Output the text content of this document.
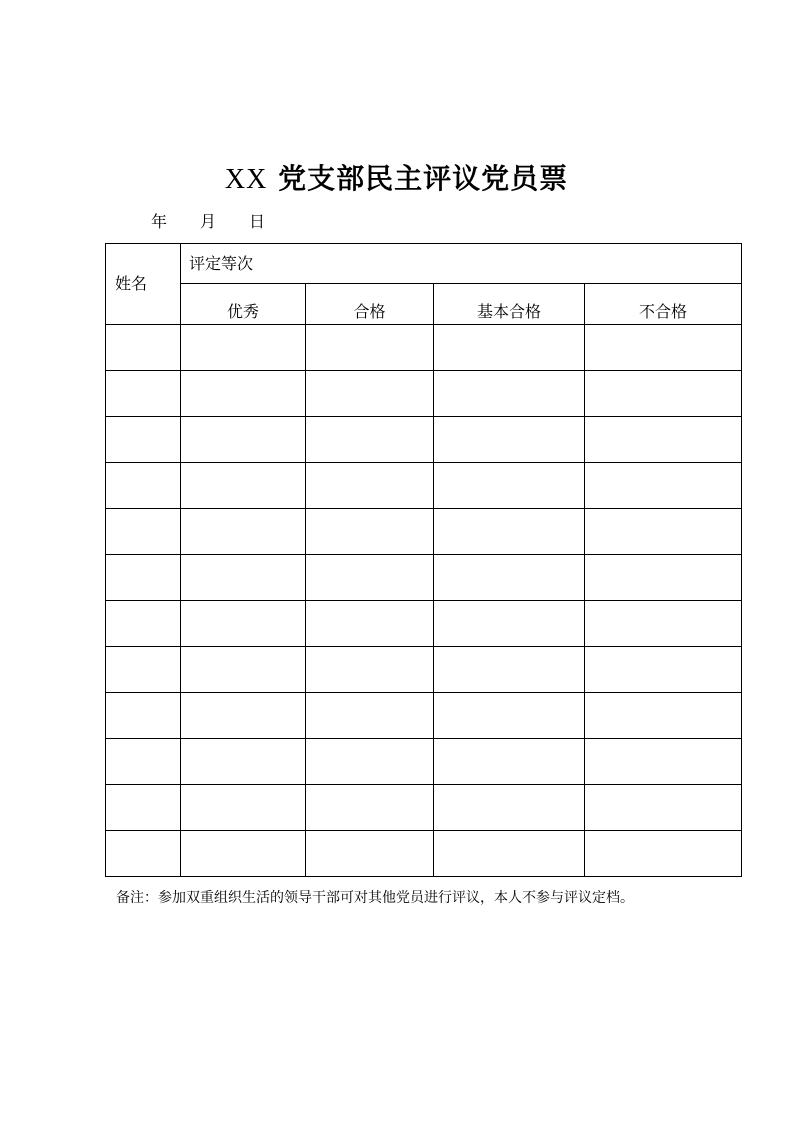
XX 党支部民主评议党员票
年 月 日
姓名	评定等次			
	优秀	合格	基本合格	不合格

备注：参加双重组织生活的领导干部可对其他党员进行评议，本人不参与评议定档。
